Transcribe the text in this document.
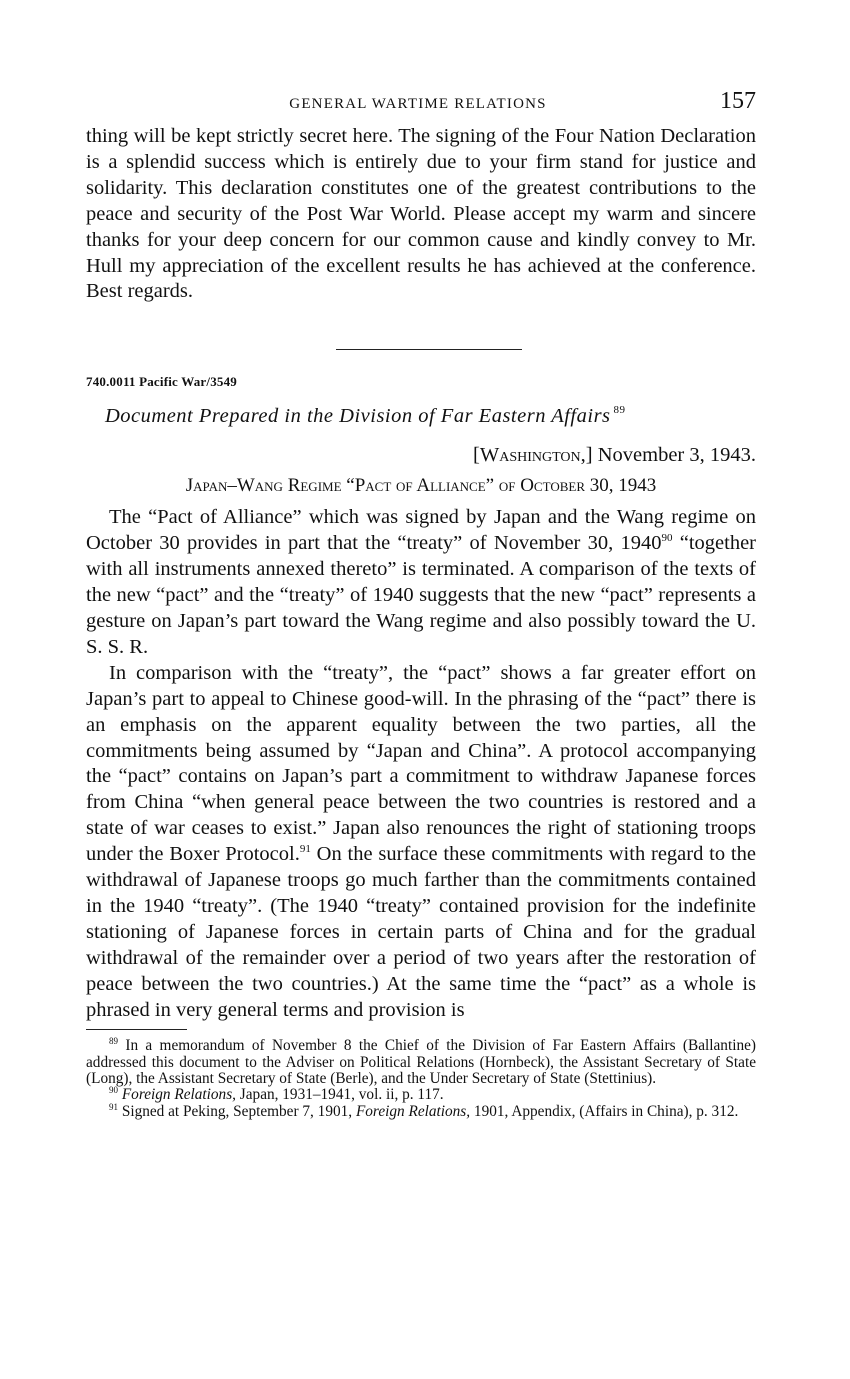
GENERAL WARTIME RELATIONS	157

thing will be kept strictly secret here. The signing of the Four Nation Declaration is a splendid success which is entirely due to your firm stand for justice and solidarity. This declaration constitutes one of the greatest contributions to the peace and security of the Post War World. Please accept my warm and sincere thanks for your deep concern for our common cause and kindly convey to Mr. Hull my appreciation of the excellent results he has achieved at the conference. Best regards.

740.0011 Pacific War/3549
Document Prepared in the Division of Far Eastern Affairs $^{89}$
[Washington,] November 3, 1943.
Japan–Wang Regime “Pact of Alliance” of October 30, 1943

The “Pact of Alliance” which was signed by Japan and the Wang regime on October 30 provides in part that the “treaty” of November 30, 1940$^{90}$ “together with all instruments annexed thereto” is terminated. A comparison of the texts of the new “pact” and the “treaty” of 1940 suggests that the new “pact” represents a gesture on Japan’s part toward the Wang regime and also possibly toward the U. S. S. R.

In comparison with the “treaty”, the “pact” shows a far greater effort on Japan’s part to appeal to Chinese good-will. In the phrasing of the “pact” there is an emphasis on the apparent equality between the two parties, all the commitments being assumed by “Japan and China”. A protocol accompanying the “pact” contains on Japan’s part a commitment to withdraw Japanese forces from China “when general peace between the two countries is restored and a state of war ceases to exist.” Japan also renounces the right of stationing troops under the Boxer Protocol.$^{91}$ On the surface these commitments with regard to the withdrawal of Japanese troops go much farther than the commitments contained in the 1940 “treaty”. (The 1940 “treaty” contained provision for the indefinite stationing of Japanese forces in certain parts of China and for the gradual withdrawal of the remainder over a period of two years after the restoration of peace between the two countries.) At the same time the “pact” as a whole is phrased in very general terms and provision is

$^{89}$ In a memorandum of November 8 the Chief of the Division of Far Eastern Affairs (Ballantine) addressed this document to the Adviser on Political Relations (Hornbeck), the Assistant Secretary of State (Long), the Assistant Secretary of State (Berle), and the Under Secretary of State (Stettinius).

$^{90}$ Foreign Relations, Japan, 1931–1941, vol. ii, p. 117.

$^{91}$ Signed at Peking, September 7, 1901, Foreign Relations, 1901, Appendix, (Affairs in China), p. 312.
